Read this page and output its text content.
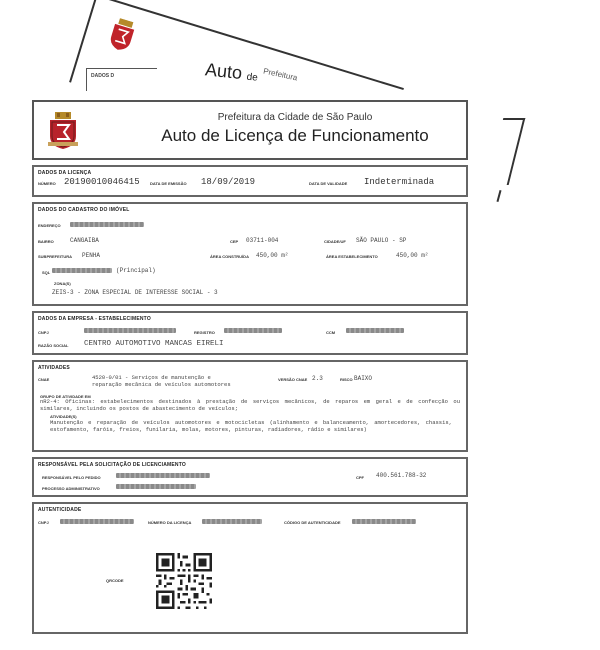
DADOS D	Auto de Prefeitura
Prefeitura da Cidade de São Paulo
Auto de Licença de Funcionamento
DADOS DA LICENÇA
NÚMERO 20190010046415	DATA DE EMISSÃO 18/09/2019	DATA DE VALIDADE Indeterminada
DADOS DO CADASTRO DO IMÓVEL
ENDEREÇO
BAIRRO	CANGAIBA	CEP 03711-004	CIDADE/UF SÃO PAULO - SP
SUBPREFEITURA PENHA	ÁREA CONSTRUÍDA 450,00 m²	ÁREA ESTABELECIMENTO	450,00 m²
SQL	(Principal)
ZONA(S)
ZEIS-3 - ZONA ESPECIAL DE INTERESSE SOCIAL - 3
DADOS DA EMPRESA - ESTABELECIMENTO
CNPJ	REGISTRO	CCM
RAZÃO SOCIAL CENTRO AUTOMOTIVO MANCAS EIRELI
ATIVIDADES
CNAE	4520-0/01 - Serviços de manutenção e reparação mecânica de veículos automotores
VERSÃO CNAE 2.3	RISCO BAIXO
GRUPO DE ATIVIDADE EM
nR2-4: Oficinas: estabelecimentos destinados à prestação de serviços mecânicos, de reparos em geral e de confecção ou similares, incluindo os postos de abastecimento de veículos;
ATIVIDADE(S)
Manutenção e reparação de veículos automotores e motocicletas (alinhamento e balanceamento, amortecedores, chassis, estofamento, faróis, freios, funilaria, molas, motores, pinturas, radiadores, rádio e similares)
RESPONSÁVEL PELA SOLICITAÇÃO DE LICENCIAMENTO
RESPONSÁVEL PELO PEDIDO	CPF 400.561.788-32
PROCESSO ADMINISTRATIVO
AUTENTICIDADE
CNPJ	NÚMERO DA LICENÇA	CÓDIGO DE AUTENTICIDADE
QRCODE
